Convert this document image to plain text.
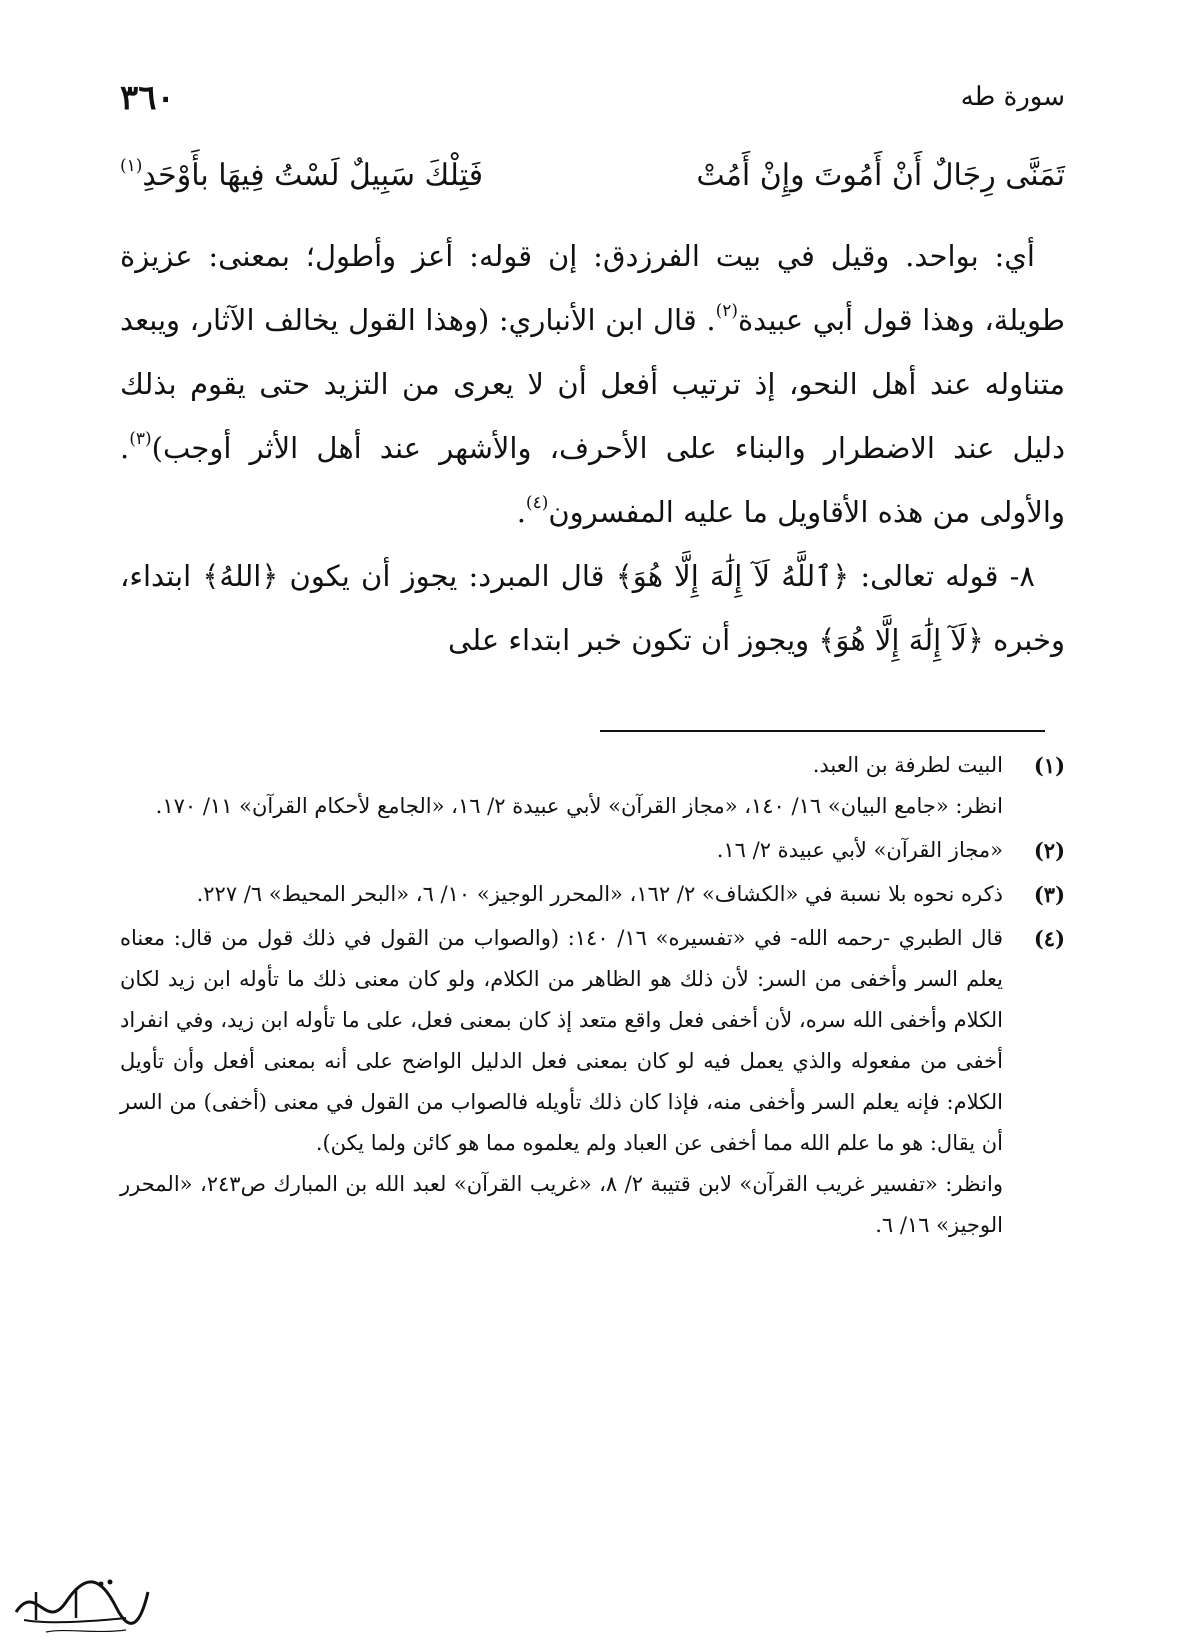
٣٦٠	سورة طه
تَمَنَّى رِجَالٌ أَنْ أَمُوتَ وإِنْ أَمُتْ
فَتِلْكَ سَبِيلٌ لَسْتُ فِيهَا بأَوْحَدِ$^{(١)}$

أي: بواحد. وقيل في بيت الفرزدق: إن قوله: أعز وأطول؛ بمعنى: عزيزة طويلة، وهذا قول أبي عبيدة$^{(٢)}$. قال ابن الأنباري: (وهذا القول يخالف الآثار، ويبعد متناوله عند أهل النحو، إذ ترتيب أفعل أن لا يعرى من التزيد حتى يقوم بذلك دليل عند الاضطرار والبناء على الأحرف، والأشهر عند أهل الأثر أوجب)$^{(٣)}$. والأولى من هذه الأقاويل ما عليه المفسرون$^{(٤)}$.

٨- قوله تعالى: ﴿ٱللَّهُ لَآ إِلَٰهَ إِلَّا هُوَ﴾ قال المبرد: يجوز أن يكون ﴿اللهُ﴾ ابتداء، وخبره ﴿لَآ إِلَٰهَ إِلَّا هُوَ﴾ ويجوز أن تكون خبر ابتداء على

(١)

البيت لطرفة بن العبد.

انظر: «جامع البيان» ١٦/ ١٤٠، «مجاز القرآن» لأبي عبيدة ٢/ ١٦، «الجامع لأحكام القرآن» ١١/ ١٧٠.

(٢)

«مجاز القرآن» لأبي عبيدة ٢/ ١٦.

(٣)

ذكره نحوه بلا نسبة في «الكشاف» ٢/ ١٦٢، «المحرر الوجيز» ١٠/ ٦، «البحر المحيط» ٦/ ٢٢٧.

(٤)

قال الطبري -رحمه الله- في «تفسيره» ١٦/ ١٤٠: (والصواب من القول في ذلك قول من قال: معناه يعلم السر وأخفى من السر: لأن ذلك هو الظاهر من الكلام، ولو كان معنى ذلك ما تأوله ابن زيد لكان الكلام وأخفى الله سره، لأن أخفى فعل واقع متعد إذ كان بمعنى فعل، على ما تأوله ابن زيد، وفي انفراد أخفى من مفعوله والذي يعمل فيه لو كان بمعنى فعل الدليل الواضح على أنه بمعنى أفعل وأن تأويل الكلام: فإنه يعلم السر وأخفى منه، فإذا كان ذلك تأويله فالصواب من القول في معنى (أخفى) من السر أن يقال: هو ما علم الله مما أخفى عن العباد ولم يعلموه مما هو كائن ولما يكن).

وانظر: «تفسير غريب القرآن» لابن قتيبة ٢/ ٨، «غريب القرآن» لعبد الله بن المبارك ص٢٤٣، «المحرر الوجيز» ١٦/ ٦.
